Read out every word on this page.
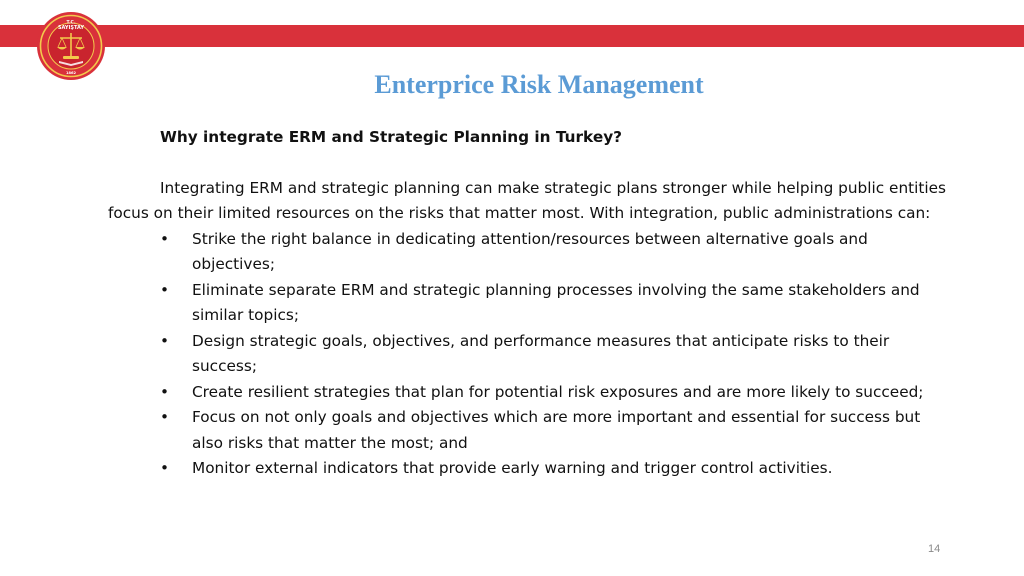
T.C.
SAYIŞTAY
1862	Enterprice Risk Management

Why integrate ERM and Strategic Planning in Turkey?

Integrating ERM and strategic planning can make strategic plans stronger while helping public entities focus on their limited resources on the risks that matter most. With integration, public administrations can:

• Strike the right balance in dedicating attention/resources between alternative goals and objectives;
• Eliminate separate ERM and strategic planning processes involving the same stakeholders and similar topics;
• Design strategic goals, objectives, and performance measures that anticipate risks to their success;
• Create resilient strategies that plan for potential risk exposures and are more likely to succeed;
• Focus on not only goals and objectives which are more important and essential for success but also risks that matter the most; and
• Monitor external indicators that provide early warning and trigger control activities.
14
